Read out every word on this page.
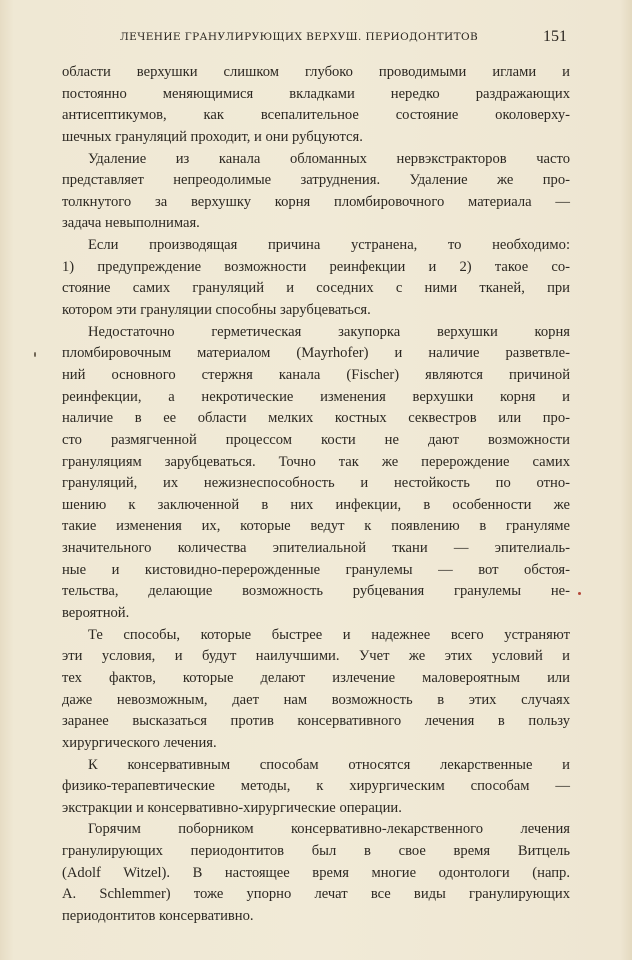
ЛЕЧЕНИЕ ГРАНУЛИРУЮЩИХ ВЕРХУШ. ПЕРИОДОНТИТОВ	151
области верхушки слишком глубоко проводимыми иглами и
постоянно меняющимися вкладками нередко раздражающих
антисептикумов, как всепалительное состояние околоверху-
шечных грануляций проходит, и они рубцуются.
Удаление из канала обломанных нервэкстракторов часто
представляет непреодолимые затруднения. Удаление же про-
толкнутого за верхушку корня пломбировочного материала —
задача невыполнимая.
Если производящая причина устранена, то необходимо:
1) предупреждение возможности реинфекции и 2) такое со-
стояние самих грануляций и соседних с ними тканей, при
котором эти грануляции способны зарубцеваться.
Недостаточно герметическая закупорка верхушки корня
пломбировочным материалом (Mayrhofer) и наличие разветвле-
ний основного стержня канала (Fischer) являются причиной
реинфекции, а некротические изменения верхушки корня и
наличие в ее области мелких костных секвестров или про-
сто размягченной процессом кости не дают возможности
грануляциям зарубцеваться. Точно так же перерождение самих
грануляций, их нежизнеспособность и нестойкость по отно-
шению к заключенной в них инфекции, в особенности же
такие изменения их, которые ведут к появлению в грануляме
значительного количества эпителиальной ткани — эпителиаль-
ные и кистовидно-перерожденные гранулемы — вот обстоя-
тельства, делающие возможность рубцевания гранулемы не-
вероятной.
Те способы, которые быстрее и надежнее всего устраняют
эти условия, и будут наилучшими. Учет же этих условий и
тех фактов, которые делают излечение маловероятным или
даже невозможным, дает нам возможность в этих случаях
заранее высказаться против консервативного лечения в пользу
хирургического лечения.
К консервативным способам относятся лекарственные и
физико-терапевтические методы, к хирургическим способам —
экстракции и консервативно-хирургические операции.
Горячим поборником консервативно-лекарственного лечения
гранулирующих периодонтитов был в свое время Витцель
(Adolf Witzel). В настоящее время многие одонтологи (напр.
A. Schlemmer) тоже упорно лечат все виды гранулирующих
периодонтитов консервативно.
